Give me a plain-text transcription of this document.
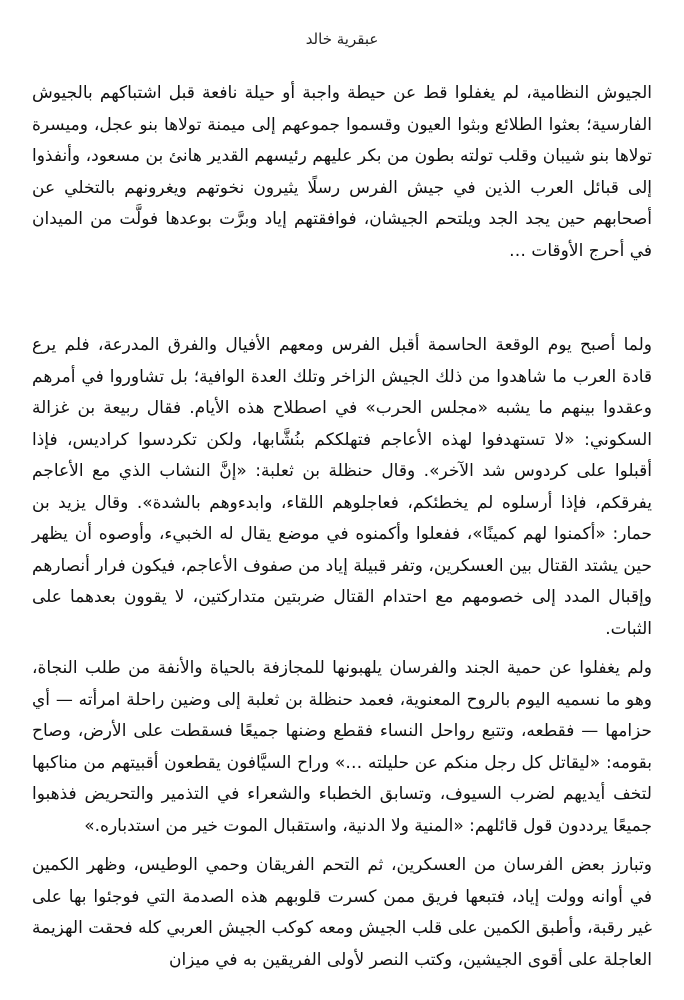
عبقرية خالد

الجيوش النظامية، لم يغفلوا قط عن حيطة واجبة أو حيلة نافعة قبل اشتباكهم بالجيوش الفارسية؛ بعثوا الطلائع وبثوا العيون وقسموا جموعهم إلى ميمنة تولاها بنو عجل، وميسرة تولاها بنو شيبان وقلب تولته بطون من بكر عليهم رئيسهم القدير هانئ بن مسعود، وأنفذوا إلى قبائل العرب الذين في جيش الفرس رسلًا يثيرون نخوتهم ويغرونهم بالتخلي عن أصحابهم حين يجد الجد ويلتحم الجيشان، فوافقتهم إياد وبرَّت بوعدها فولَّت من الميدان في أحرج الأوقات …

ولما أصبح يوم الوقعة الحاسمة أقبل الفرس ومعهم الأفيال والفرق المدرعة، فلم يرع قادة العرب ما شاهدوا من ذلك الجيش الزاخر وتلك العدة الوافية؛ بل تشاوروا في أمرهم وعقدوا بينهم ما يشبه «مجلس الحرب» في اصطلاح هذه الأيام. فقال ربيعة بن غزالة السكوني: «لا تستهدفوا لهذه الأعاجم فتهلككم بنُشَّابها، ولكن تكردسوا كراديس، فإذا أقبلوا على كردوس شد الآخر». وقال حنظلة بن ثعلبة: «إنَّ النشاب الذي مع الأعاجم يفرقكم، فإذا أرسلوه لم يخطئكم، فعاجلوهم اللقاء، وابدءوهم بالشدة». وقال يزيد بن حمار: «أكمنوا لهم كمينًا»، ففعلوا وأكمنوه في موضع يقال له الخبيء، وأوصوه أن يظهر حين يشتد القتال بين العسكرين، وتفر قبيلة إياد من صفوف الأعاجم، فيكون فرار أنصارهم وإقبال المدد إلى خصومهم مع احتدام القتال ضربتين متداركتين، لا يقوون بعدهما على الثبات.

ولم يغفلوا عن حمية الجند والفرسان يلهبونها للمجازفة بالحياة والأنفة من طلب النجاة، وهو ما نسميه اليوم بالروح المعنوية، فعمد حنظلة بن ثعلبة إلى وضين راحلة امرأته — أي حزامها — فقطعه، وتتبع رواحل النساء فقطع وضنها جميعًا فسقطت على الأرض، وصاح بقومه: «ليقاتل كل رجل منكم عن حليلته …» وراح السيَّافون يقطعون أقبيتهم من مناكبها لتخف أيديهم لضرب السيوف، وتسابق الخطباء والشعراء في التذمير والتحريض فذهبوا جميعًا يرددون قول قائلهم: «المنية ولا الدنية، واستقبال الموت خير من استدباره.»

وتبارز بعض الفرسان من العسكرين، ثم التحم الفريقان وحمي الوطيس، وظهر الكمين في أوانه وولت إياد، فتبعها فريق ممن كسرت قلوبهم هذه الصدمة التي فوجئوا بها على غير رقبة، وأطبق الكمين على قلب الجيش ومعه كوكب الجيش العربي كله فحقت الهزيمة العاجلة على أقوى الجيشين، وكتب النصر لأولى الفريقين به في ميزان
